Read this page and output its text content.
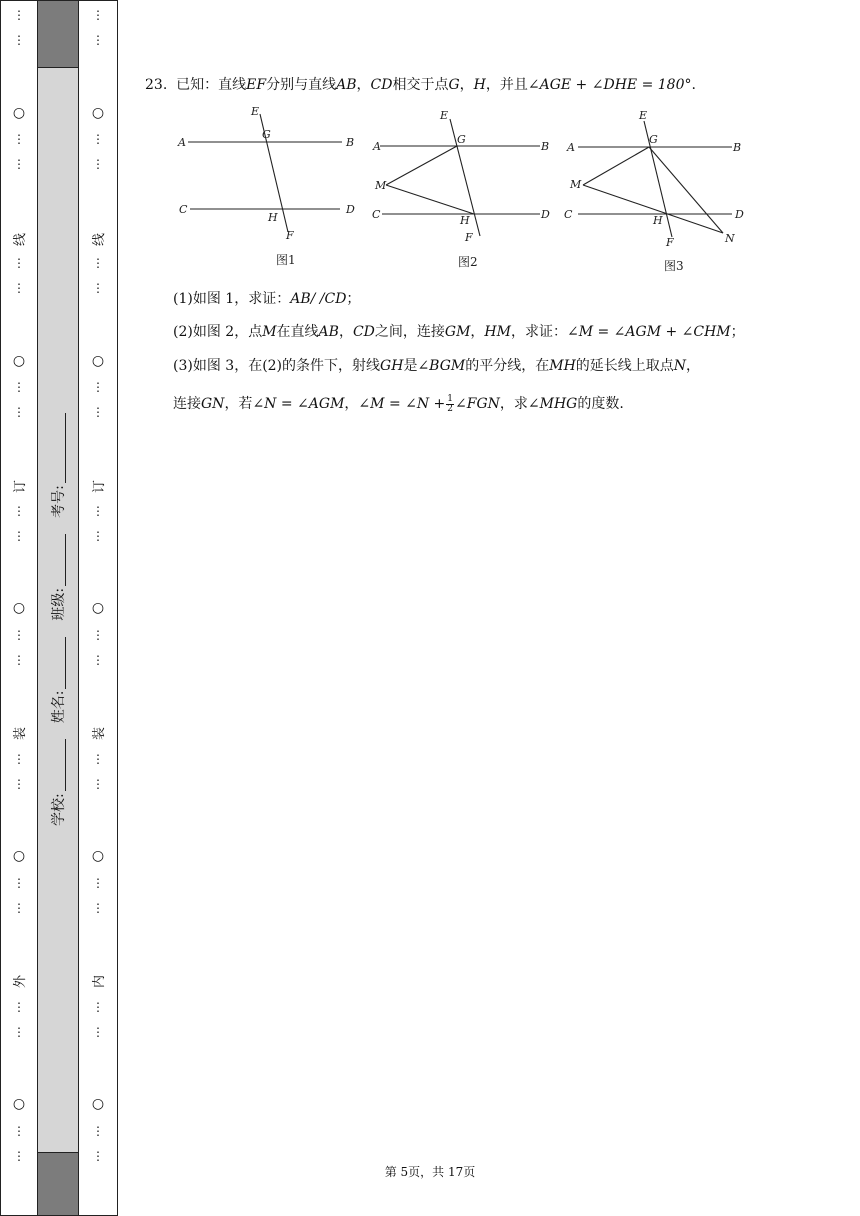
⋮
⋮
⋮
⋮
⋮
⋮
⋮
⋮
⋮
⋮
⋮
⋮
⋮
⋮
⋮
⋮
⋮
⋮
⋮
⋮
○
○
○
○
○
线
订
装
外
学校:
姓名:
班级:
考号:
⋮
⋮
⋮
⋮
⋮
⋮
⋮
⋮
⋮
⋮
⋮
⋮
⋮
⋮
⋮
⋮
⋮
⋮
⋮
⋮
○
○
○
○
○
线
订
装
内
23. 已知：直线EF分别与直线AB，CD相交于点G，H，并且∠AGE + ∠DHE = 180°.
(1)如图 1，求证：AB/ /CD；
(2)如图 2，点M在直线AB，CD之间，连接GM，HM，求证：∠M = ∠AGM + ∠CHM；
(3)如图 3，在(2)的条件下，射线GH是∠BGM的平分线，在MH的延长线上取点N，
连接GN，若∠N = ∠AGM，∠M = ∠N + $\frac{1}{2}$ ∠FGN，求∠MHG的度数.
A	B
C	D
E
G
H
F
图1
A	B
C	D
E
G
H
M
F
图2
A	B
C	D
E
G
H
M
F	N
图3
第 5页，共 17页
